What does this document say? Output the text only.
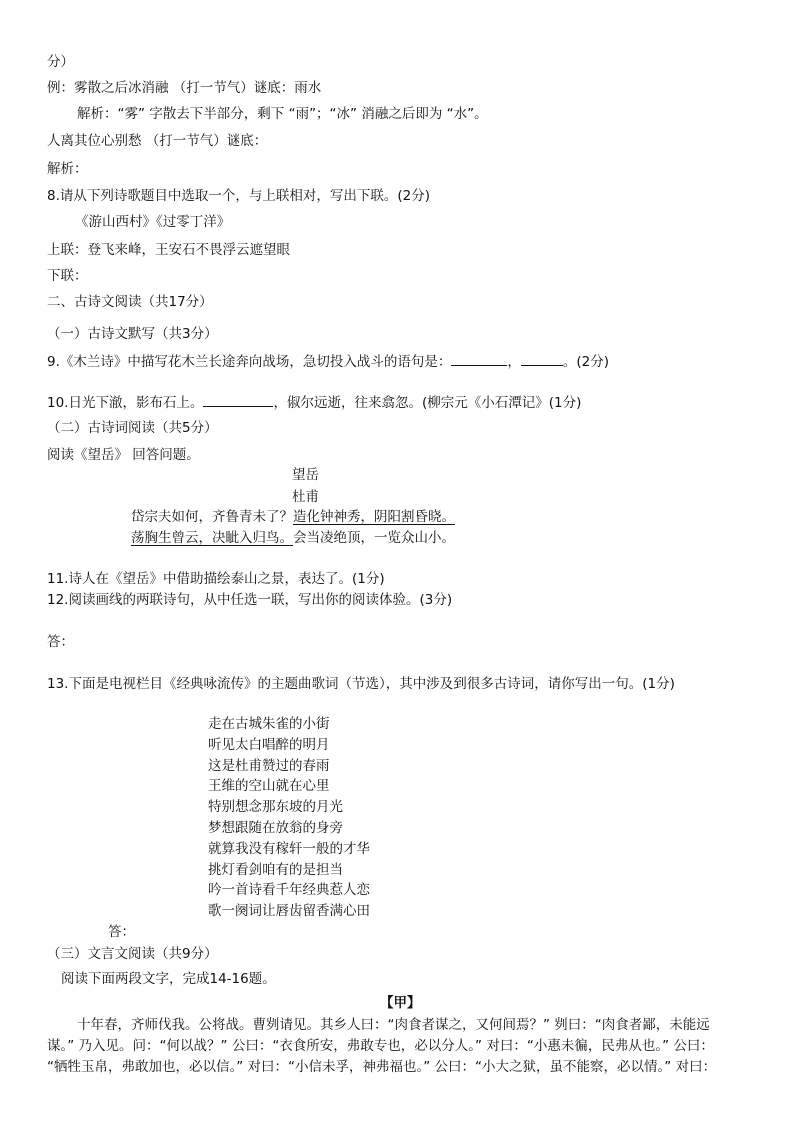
分）
例：雾散之后冰消融 （打一节气）谜底：雨水
解析：“雾” 字散去下半部分，剩下 “雨”；“冰” 消融之后即为 “水”。
人离其位心别愁 （打一节气）谜底：
解析：
8.请从下列诗歌题目中选取一个，与上联相对，写出下联。(2分)
《游山西村》《过零丁洋》
上联：登飞来峰，王安石不畏浮云遮望眼
下联：
二、古诗文阅读（共17分）
（一）古诗文默写（共3分）
9.《木兰诗》中描写花木兰长途奔向战场，急切投入战斗的语句是：	，	。(2分)
10.日光下澈，影布石上。	，俶尔远逝，往来翕忽。(柳宗元《小石潭记》(1分)
（二）古诗词阅读（共5分）
阅读《望岳》 回答问题。
望岳
杜甫
岱宗夫如何，齐鲁青未了？造化钟神秀，阴阳割昏晓。
荡胸生曾云，决眦入归鸟。会当凌绝顶，一览众山小。
11.诗人在《望岳》中借助描绘泰山之景，表达了。(1分)
12.阅读画线的两联诗句，从中任选一联，写出你的阅读体验。(3分)
答：
13.下面是电视栏目《经典咏流传》的主题曲歌词（节选），其中涉及到很多古诗词，请你写出一句。(1分)
走在古城朱雀的小街
听见太白唱醉的明月
这是杜甫赞过的春雨
王维的空山就在心里
特别想念那东坡的月光
梦想跟随在放翁的身旁
就算我没有稼轩一般的才华
挑灯看剑咱有的是担当
吟一首诗看千年经典惹人恋
歌一阕词让唇齿留香满心田
答：
（三）文言文阅读（共9分）
阅读下面两段文字，完成14-16题。
【甲】
十年春，齐师伐我。公将战。曹刿请见。其乡人曰：“肉食者谋之，又何间焉？” 刿曰：“肉食者鄙，未能远
谋。” 乃入见。问：“何以战？” 公曰：“衣食所安，弗敢专也，必以分人。” 对曰：“小惠未徧，民弗从也。” 公曰：
“牺牲玉帛，弗敢加也，必以信。” 对曰：“小信未孚，神弗福也。” 公曰：“小大之狱，虽不能察，必以情。” 对曰：
